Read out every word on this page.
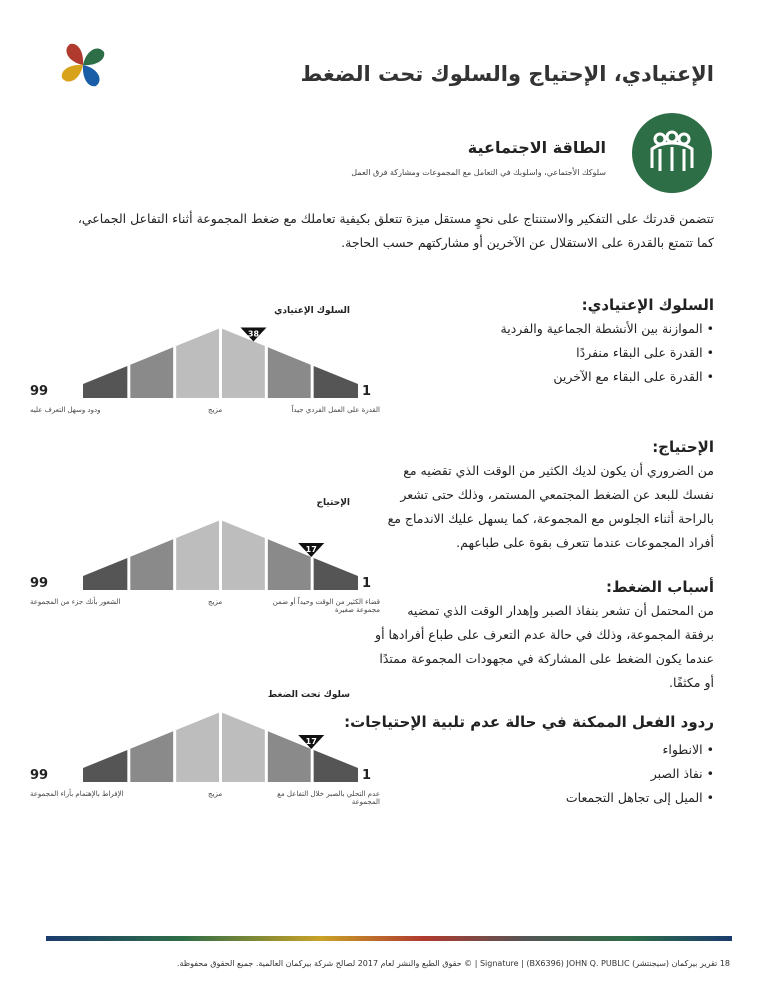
الإعتيادي، الإحتياج والسلوك تحت الضغط
الطاقة الاجتماعية
سلوكك الأجتماعي، واسلوبك في التعامل مع المجموعات ومشاركة فرق العمل
تتضمن قدرتك على التفكير والاستنتاج على نحوٍ مستقل ميزة تتعلق بكيفية تعاملك مع ضغط المجموعة أثناء التفاعل الجماعي، كما تتمتع بالقدرة على الاستقلال عن الآخرين أو مشاركتهم حسب الحاجة.
السلوك الإعتيادي:
• الموازنة بين الأنشطة الجماعية والفردية
• القدرة على البقاء منفردًا
• القدرة على البقاء مع الآخرين
الإحتياج:
من الضروري أن يكون لديك الكثير من الوقت الذي تقضيه مع نفسك للبعد عن الضغط المجتمعي المستمر، وذلك حتى تشعر بالراحة أثناء الجلوس مع المجموعة، كما يسهل عليك الاندماج مع أفراد المجموعات عندما تتعرف بقوة على طباعهم.
أسباب الضغط:
من المحتمل أن تشعر بنفاذ الصبر وإهدار الوقت الذي تمضيه برفقة المجموعة، وذلك في حالة عدم التعرف على طباع أفرادها أو عندما يكون الضغط على المشاركة في مجهودات المجموعة ممتدًا أو مكثفًا.
ردود الفعل الممكنة في حالة عدم تلبية الإحتياجات:
• الانطواء
• نفاذ الصبر
• الميل إلى تجاهل التجمعات
38
السلوك الإعتيادي
99	1
ودود وسهل التعرف عليه	مزيج	القدرة على العمل الفردي جيداً
17
الإحتياج
99	1
الشعور بأنك جزء من المجموعة	مزيج	قضاء الكثير من الوقت وحيداً أو ضمن مجموعة صغيرة
17
سلوك تحت الضغط
99	1
الإفراط بالإهتمام بأراء المجموعة	مزيج	عدم التحلي بالصبر خلال التفاعل مع المجموعة
18 تقرير بيركمان (سيجنتشر) Signature | (BX6396) JOHN Q. PUBLIC | © حقوق الطبع والنشر لعام 2017 لصالح شركة بيركمان العالمية. جميع الحقوق محفوظة.
